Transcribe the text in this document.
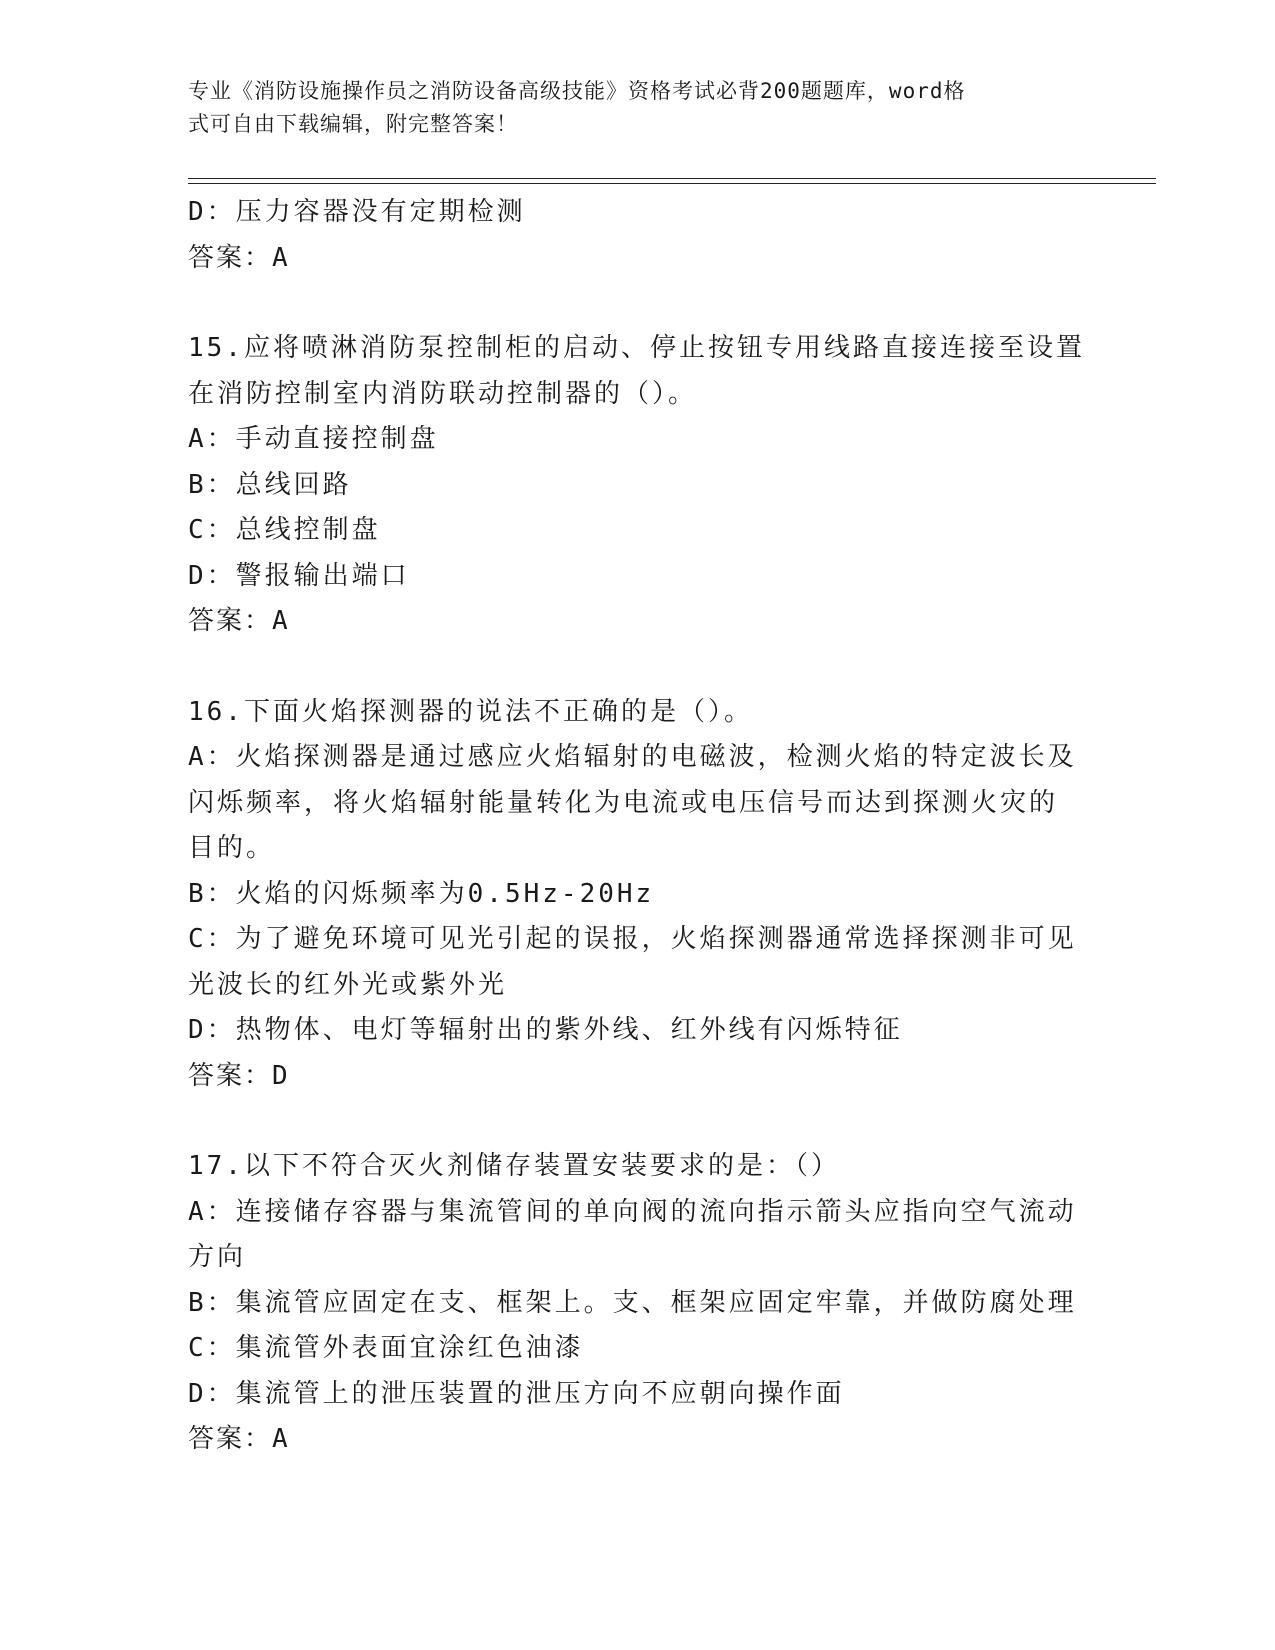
专业《消防设施操作员之消防设备高级技能》资格考试必背200题题库，word格
式可自由下载编辑，附完整答案！
D：压力容器没有定期检测
答案：A
15.应将喷淋消防泵控制柜的启动、停止按钮专用线路直接连接至设置
在消防控制室内消防联动控制器的（）。
A：手动直接控制盘
B：总线回路
C：总线控制盘
D：警报输出端口
答案：A
16.下面火焰探测器的说法不正确的是（）。
A：火焰探测器是通过感应火焰辐射的电磁波，检测火焰的特定波长及
闪烁频率，将火焰辐射能量转化为电流或电压信号而达到探测火灾的
目的。
B：火焰的闪烁频率为0.5Hz-20Hz
C：为了避免环境可见光引起的误报，火焰探测器通常选择探测非可见
光波长的红外光或紫外光
D：热物体、电灯等辐射出的紫外线、红外线有闪烁特征
答案：D
17.以下不符合灭火剂储存装置安装要求的是：（）
A：连接储存容器与集流管间的单向阀的流向指示箭头应指向空气流动
方向
B：集流管应固定在支、框架上。支、框架应固定牢靠，并做防腐处理
C：集流管外表面宜涂红色油漆
D：集流管上的泄压装置的泄压方向不应朝向操作面
答案：A
